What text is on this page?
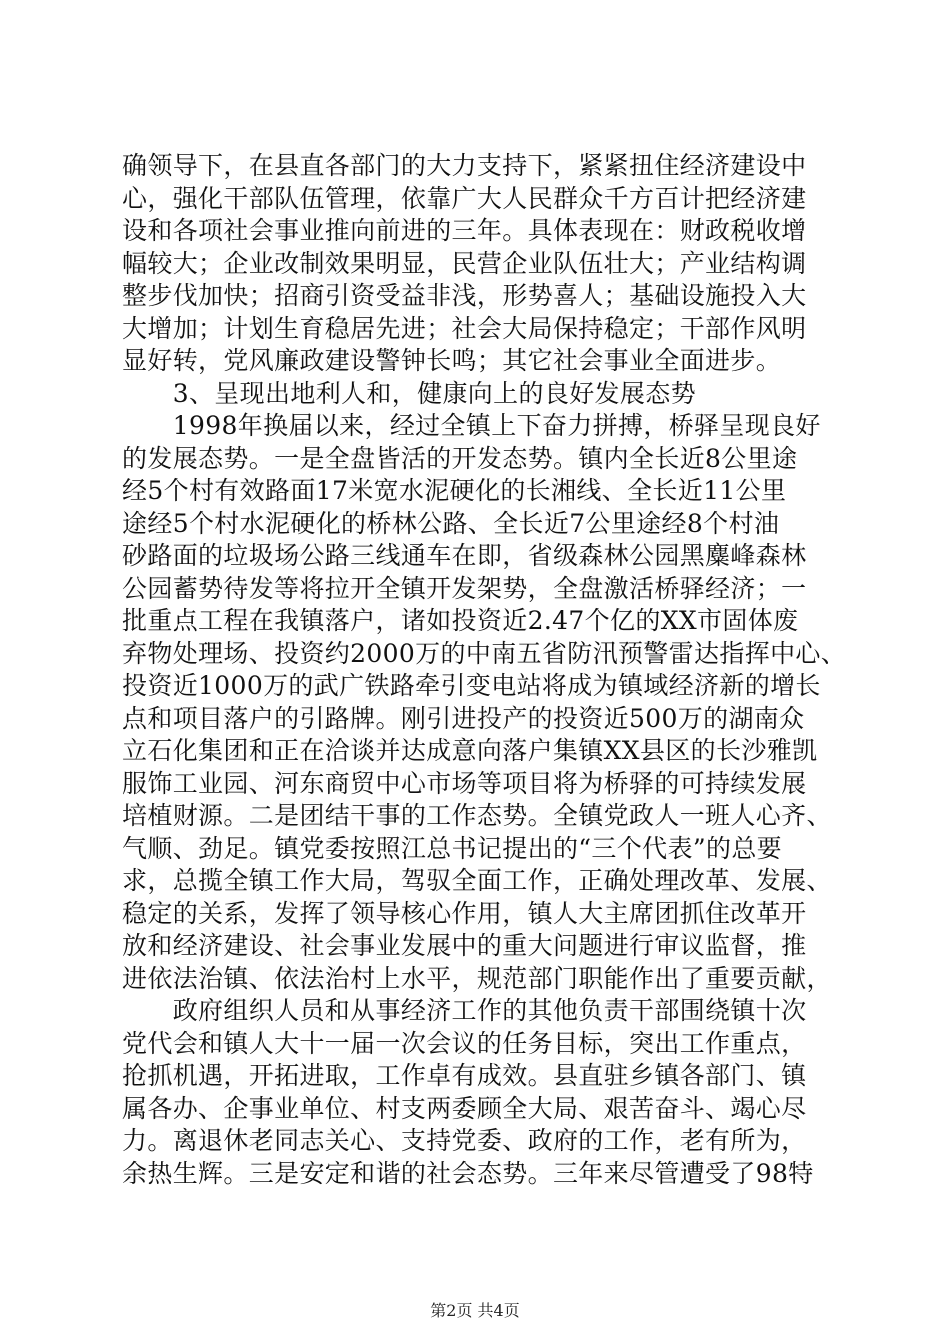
确领导下，在县直各部门的大力支持下，紧紧扭住经济建设中
心，强化干部队伍管理，依靠广大人民群众千方百计把经济建
设和各项社会事业推向前进的三年。具体表现在：财政税收增
幅较大；企业改制效果明显，民营企业队伍壮大；产业结构调
整步伐加快；招商引资受益非浅，形势喜人；基础设施投入大
大增加；计划生育稳居先进；社会大局保持稳定；干部作风明
显好转，党风廉政建设警钟长鸣；其它社会事业全面进步。
　　3、呈现出地利人和，健康向上的良好发展态势
　　1998年换届以来，经过全镇上下奋力拼搏，桥驿呈现良好
的发展态势。一是全盘皆活的开发态势。镇内全长近8公里途
经5个村有效路面17米宽水泥硬化的长湘线、全长近11公里
途经5个村水泥硬化的桥林公路、全长近7公里途经8个村油
砂路面的垃圾场公路三线通车在即，省级森林公园黑麋峰森林
公园蓄势待发等将拉开全镇开发架势，全盘激活桥驿经济；一
批重点工程在我镇落户，诸如投资近2.47个亿的XX市固体废
弃物处理场、投资约2000万的中南五省防汛预警雷达指挥中心、
投资近1000万的武广铁路牵引变电站将成为镇域经济新的增长
点和项目落户的引路牌。刚引进投产的投资近500万的湖南众
立石化集团和正在洽谈并达成意向落户集镇XX县区的长沙雅凯
服饰工业园、河东商贸中心市场等项目将为桥驿的可持续发展
培植财源。二是团结干事的工作态势。全镇党政人一班人心齐、
气顺、劲足。镇党委按照江总书记提出的“三个代表”的总要
求，总揽全镇工作大局，驾驭全面工作，正确处理改革、发展、
稳定的关系，发挥了领导核心作用，镇人大主席团抓住改革开
放和经济建设、社会事业发展中的重大问题进行审议监督，推
进依法治镇、依法治村上水平，规范部门职能作出了重要贡献，
　　政府组织人员和从事经济工作的其他负责干部围绕镇十次
党代会和镇人大十一届一次会议的任务目标，突出工作重点，
抢抓机遇，开拓进取，工作卓有成效。县直驻乡镇各部门、镇
属各办、企事业单位、村支两委顾全大局、艰苦奋斗、竭心尽
力。离退休老同志关心、支持党委、政府的工作，老有所为，
余热生辉。三是安定和谐的社会态势。三年来尽管遭受了98特
第2页 共4页
